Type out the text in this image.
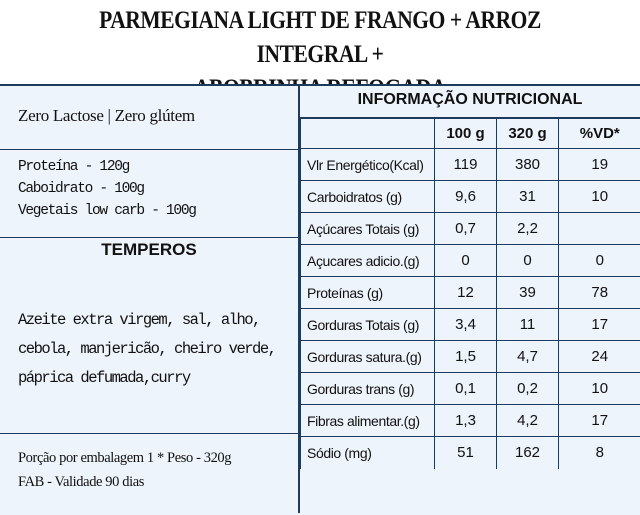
PARMEGIANA LIGHT DE FRANGO + ARROZ INTEGRAL +
Zero Lactose | Zero glútem
Proteína - 120g
Caboidrato - 100g
Vegetais low carb - 100g
TEMPEROS
Azeite extra virgem, sal, alho,
cebola, manjericão, cheiro verde,
páprica defumada,curry
Porção por embalagem 1 * Peso - 320g
FAB - Validade 90 dias
INFORMAÇÃO NUTRICIONAL
	100 g	320 g	%VD*
Vlr Energético(Kcal)	119	380	19
Carboidratos (g)	9,6	31	10
Açúcares Totais (g)	0,7	2,2	
Açucares adicio.(g)	0	0	0
Proteínas (g)	12	39	78
Gorduras Totais (g)	3,4	11	17
Gorduras satura.(g)	1,5	4,7	24
Gorduras trans (g)	0,1	0,2	10
Fibras alimentar.(g)	1,3	4,2	17
Sódio (mg)	51	162	8
